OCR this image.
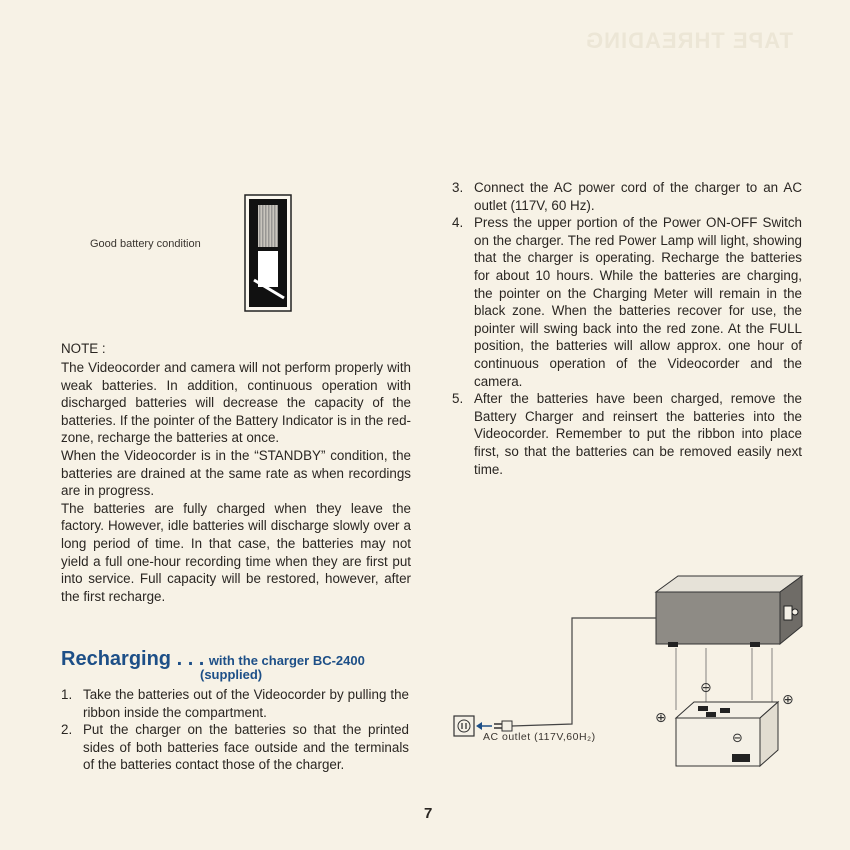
TAPE THREADING
Good battery condition

NOTE :

The Videocorder and camera will not perform properly with weak batteries. In addition, continuous operation with discharged batteries will decrease the capacity of the batteries. If the pointer of the Battery Indicator is in the red-zone, recharge the batteries at once.

When the Videocorder is in the “STANDBY” condition, the batteries are drained at the same rate as when recordings are in progress.

The batteries are fully charged when they leave the factory. However, idle batteries will discharge slowly over a long period of time. In that case, the batteries may not yield a full one-hour recording time when they are first put into service. Full capacity will be restored, however, after the first recharge.

Recharging . . . with the charger BC-2400
(supplied)
1. Take the batteries out of the Videocorder by pulling the ribbon inside the compartment.
2. Put the charger on the batteries so that the printed sides of both batteries face outside and the terminals of the batteries contact those of the charger.
3. Connect the AC power cord of the charger to an AC outlet (117V, 60 Hz).
4. Press the upper portion of the Power ON-OFF Switch on the charger. The red Power Lamp will light, showing that the charger is operating. Recharge the batteries for about 10 hours. While the batteries are charging, the pointer on the Charging Meter will remain in the black zone. When the batteries recover for use, the pointer will swing back into the red zone. At the FULL position, the batteries will allow approx. one hour of continuous operation of the Videocorder and the camera.
5. After the batteries have been charged, remove the Battery Charger and reinsert the batteries into the Videocorder. Remember to put the ribbon into place first, so that the batteries can be removed easily next time.
⊖
⊕
⊕
⊖
AC outlet (117V,60H₂)
7
